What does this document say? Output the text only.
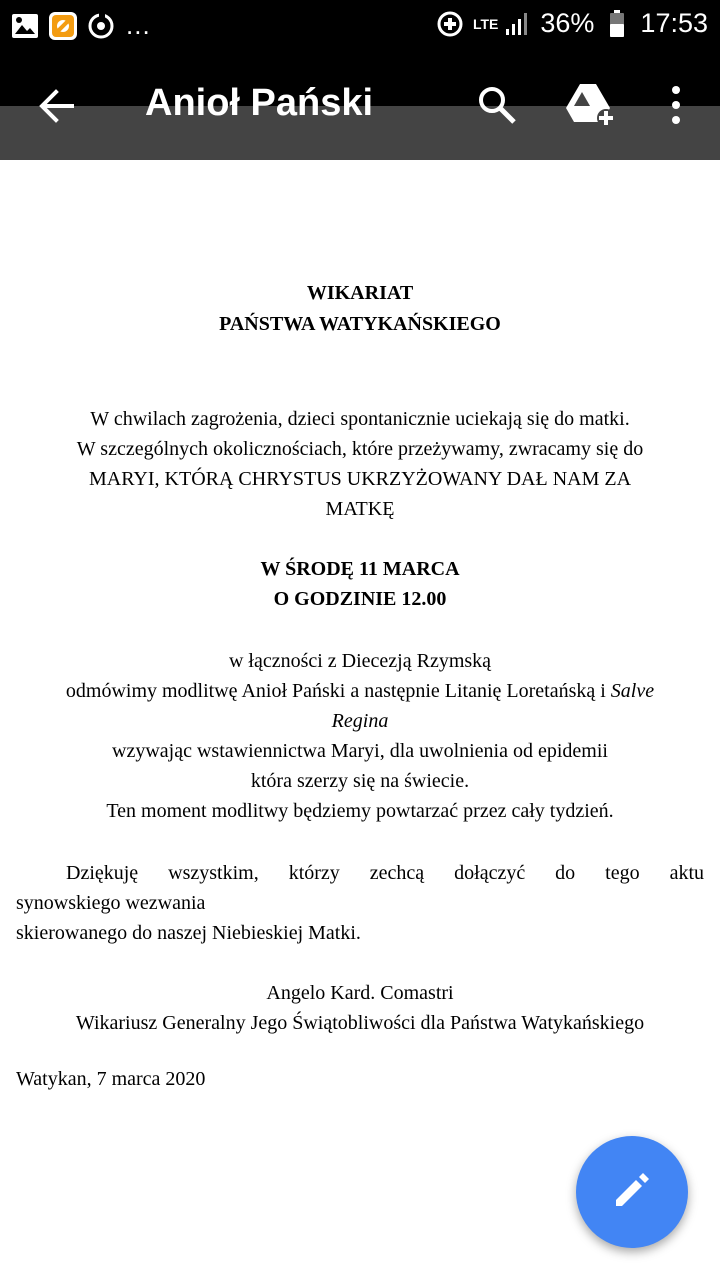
...	LTE 36% 17:53
Anioł Pański

WIKARIAT

PAŃSTWA WATYKAŃSKIEGO

W chwilach zagrożenia, dzieci spontanicznie uciekają się do matki.

W szczególnych okolicznościach, które przeżywamy, zwracamy się do

MARYI, KTÓRĄ CHRYSTUS UKRZYŻOWANY DAŁ NAM ZA

MATKĘ

W ŚRODĘ 11 MARCA

O GODZINIE 12.00

w łączności z Diecezją Rzymską

odmówimy modlitwę Anioł Pański a następnie Litanię Loretańską i Salve

Regina

wzywając wstawiennictwa Maryi, dla uwolnienia od epidemii

która szerzy się na świecie.

Ten moment modlitwy będziemy powtarzać przez cały tydzień.

Dziękuję wszystkim, którzy zechcą dołączyć do tego aktu

synowskiego wezwania

skierowanego do naszej Niebieskiej Matki.

Angelo Kard. Comastri

Wikariusz Generalny Jego Świątobliwości dla Państwa Watykańskiego

Watykan, 7 marca 2020
